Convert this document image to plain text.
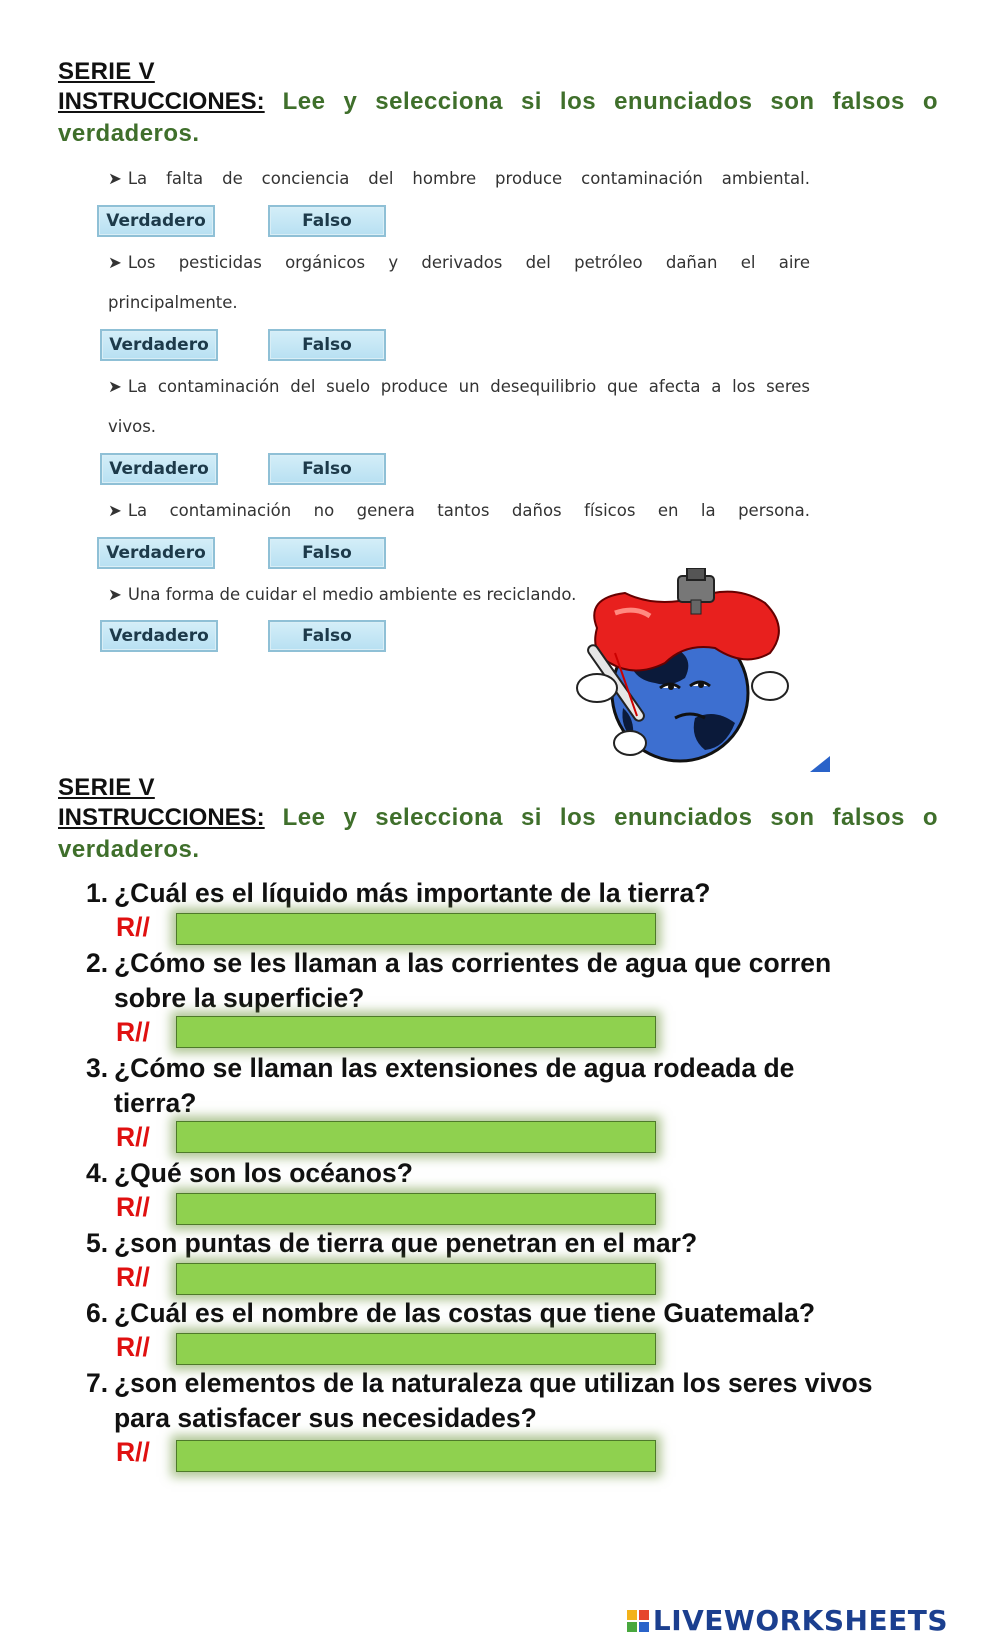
SERIE V
INSTRUCCIONES: Lee y selecciona si los enunciados son falsos o verdaderos.
➤ La falta de conciencia del hombre produce contaminación ambiental.
Verdadero	Falso
➤ Los pesticidas orgánicos y derivados del petróleo dañan el aire
principalmente.
Verdadero	Falso
➤ La contaminación del suelo produce un desequilibrio que afecta a los seres
vivos.
Verdadero	Falso
➤ La contaminación no genera tantos daños físicos en la persona.
Verdadero	Falso
➤ Una forma de cuidar el medio ambiente es reciclando.
Verdadero	Falso
SERIE V
INSTRUCCIONES: Lee y selecciona si los enunciados son falsos o verdaderos.
1. ¿Cuál es el líquido más importante de la tierra?
R//
2. ¿Cómo se les llaman a las corrientes de agua que corren sobre la superficie?
R//
3. ¿Cómo se llaman las extensiones de agua rodeada de tierra?
R//
4. ¿Qué son los océanos?
R//
5. ¿son puntas de tierra que penetran en el mar?
R//
6. ¿Cuál es el nombre de las costas que tiene Guatemala?
R//
7. ¿son elementos de la naturaleza que utilizan los seres vivos para satisfacer sus necesidades?
R//
LIVEWORKSHEETS
